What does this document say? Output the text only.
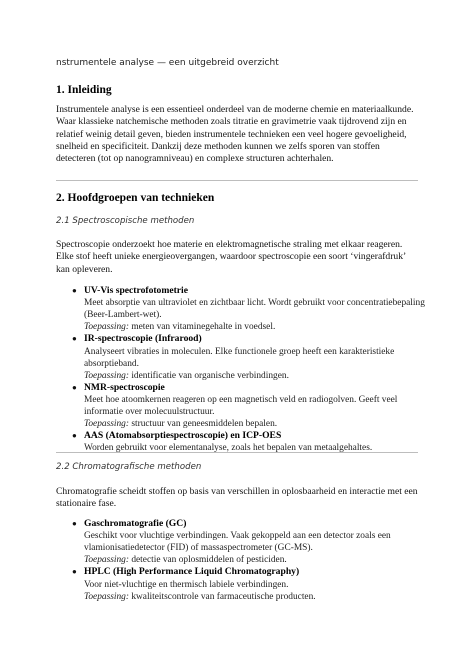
nstrumentele analyse — een uitgebreid overzicht

1. Inleiding

Instrumentele analyse is een essentieel onderdeel van de moderne chemie en materiaalkunde. Waar klassieke natchemische methoden zoals titratie en gravimetrie vaak tijdrovend zijn en relatief weinig detail geven, bieden instrumentele technieken een veel hogere gevoeligheid, snelheid en specificiteit. Dankzij deze methoden kunnen we zelfs sporen van stoffen detecteren (tot op nanogramniveau) en complexe structuren achterhalen.

2. Hoofdgroepen van technieken

2.1 Spectroscopische methoden

Spectroscopie onderzoekt hoe materie en elektromagnetische straling met elkaar reageren. Elke stof heeft unieke energieovergangen, waardoor spectroscopie een soort ‘vingerafdruk’ kan opleveren.

● UV-Vis spectrofotometrie
Meet absorptie van ultraviolet en zichtbaar licht. Wordt gebruikt voor concentratiebepaling (Beer-Lambert-wet).
Toepassing: meten van vitaminegehalte in voedsel.
● IR-spectroscopie (Infrarood)
Analyseert vibraties in moleculen. Elke functionele groep heeft een karakteristieke absorptieband.
Toepassing: identificatie van organische verbindingen.
● NMR-spectroscopie
Meet hoe atoomkernen reageren op een magnetisch veld en radiogolven. Geeft veel informatie over molecuulstructuur.
Toepassing: structuur van geneesmiddelen bepalen.
● AAS (Atomabsorptiespectroscopie) en ICP-OES
Worden gebruikt voor elementanalyse, zoals het bepalen van metaalgehaltes.

2.2 Chromatografische methoden

Chromatografie scheidt stoffen op basis van verschillen in oplosbaarheid en interactie met een stationaire fase.

● Gaschromatografie (GC)
Geschikt voor vluchtige verbindingen. Vaak gekoppeld aan een detector zoals een vlamionisatiedetector (FID) of massaspectrometer (GC-MS).
Toepassing: detectie van oplosmiddelen of pesticiden.
● HPLC (High Performance Liquid Chromatography)
Voor niet-vluchtige en thermisch labiele verbindingen.
Toepassing: kwaliteitscontrole van farmaceutische producten.
